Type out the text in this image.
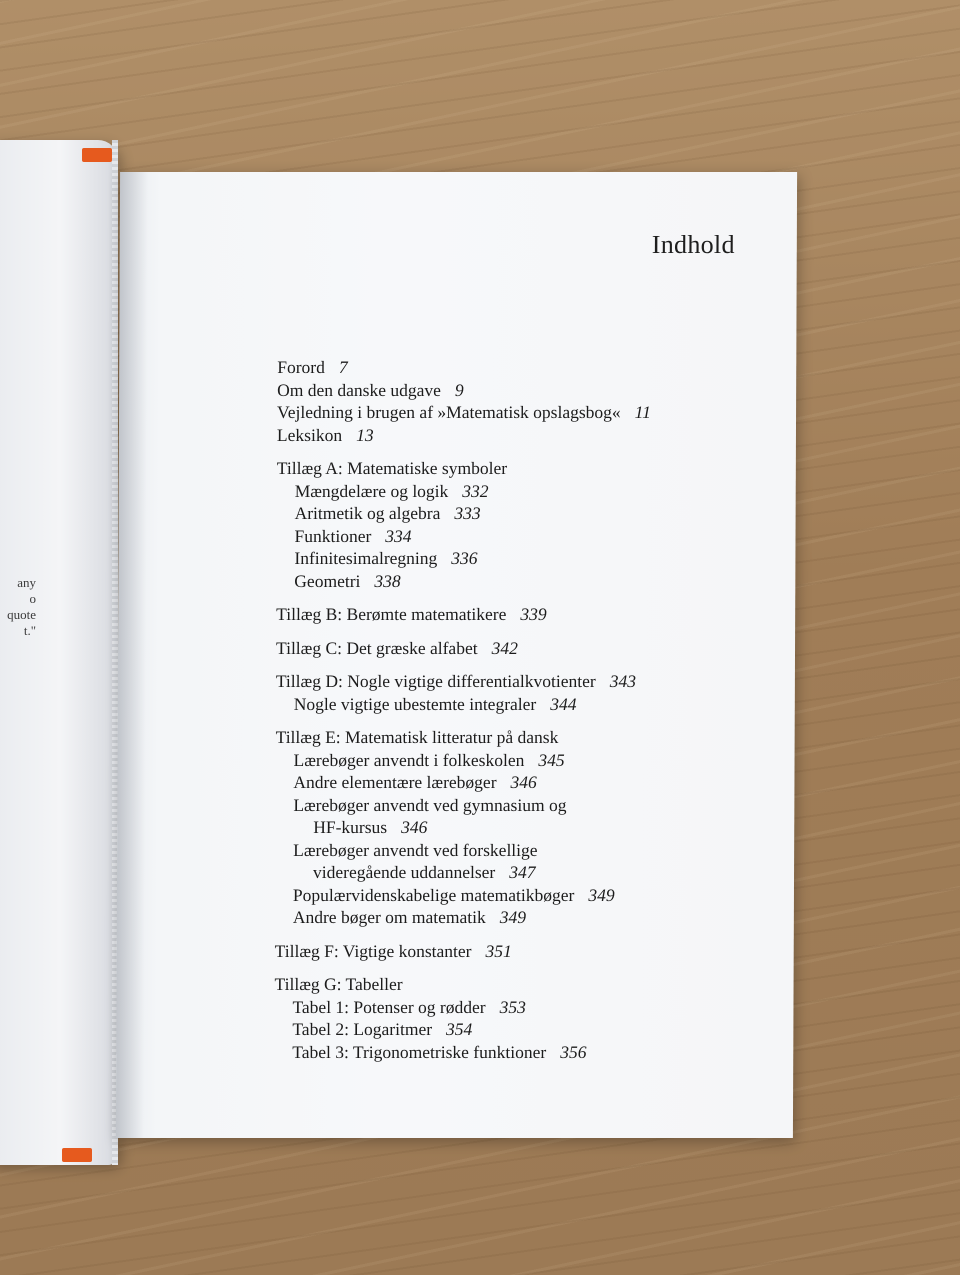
any
o quote
t."
Indhold
Forord 7
Om den danske udgave 9
Vejledning i brugen af »Matematisk opslagsbog« 11
Leksikon 13
Tillæg A: Matematiske symboler
Mængdelære og logik 332
Aritmetik og algebra 333
Funktioner 334
Infinitesimalregning 336
Geometri 338
Tillæg B: Berømte matematikere 339
Tillæg C: Det græske alfabet 342
Tillæg D: Nogle vigtige differentialkvotienter 343
Nogle vigtige ubestemte integraler 344
Tillæg E: Matematisk litteratur på dansk
Lærebøger anvendt i folkeskolen 345
Andre elementære lærebøger 346
Lærebøger anvendt ved gymnasium og
HF-kursus 346
Lærebøger anvendt ved forskellige
videregående uddannelser 347
Populærvidenskabelige matematikbøger 349
Andre bøger om matematik 349
Tillæg F: Vigtige konstanter 351
Tillæg G: Tabeller
Tabel 1: Potenser og rødder 353
Tabel 2: Logaritmer 354
Tabel 3: Trigonometriske funktioner 356
